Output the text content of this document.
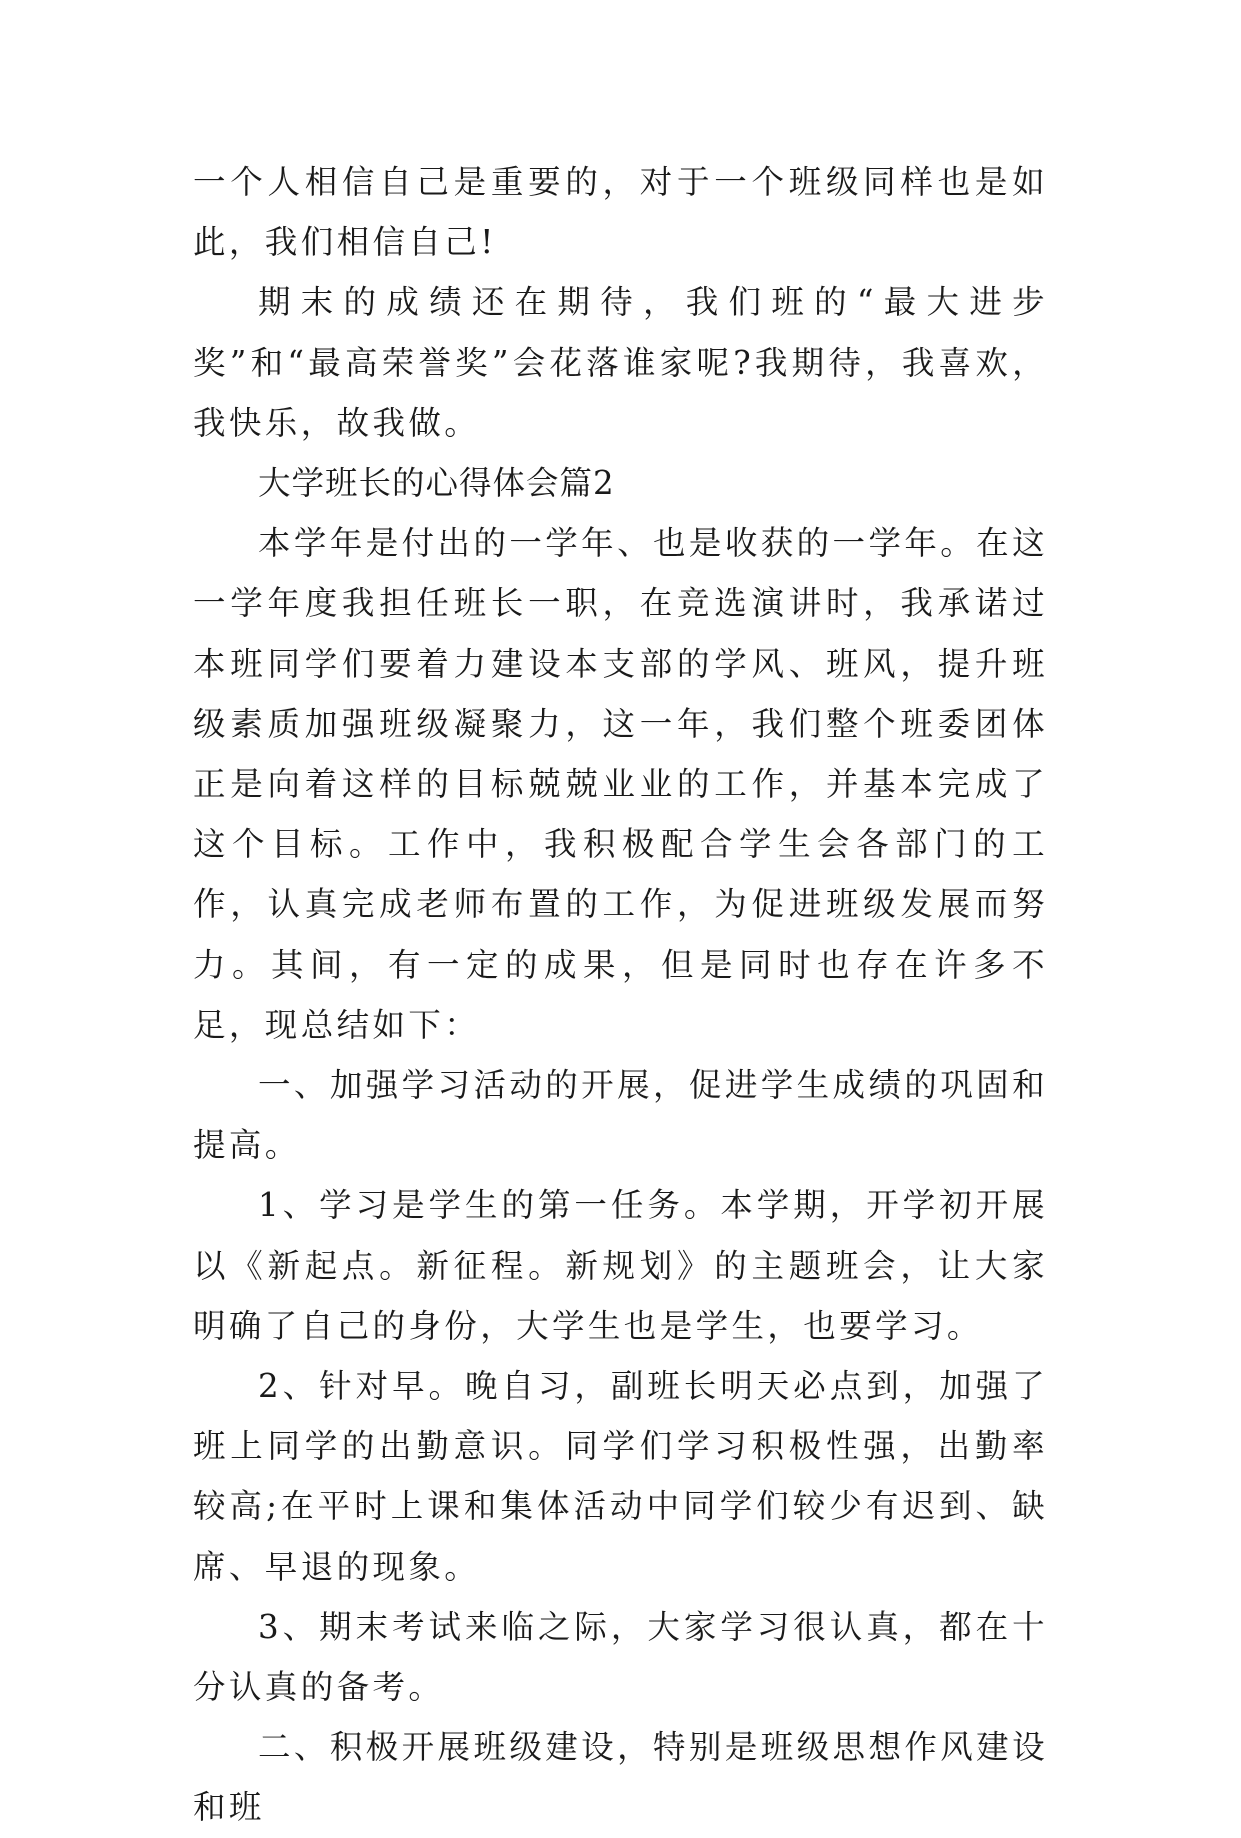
一个人相信自己是重要的，对于一个班级同样也是如此，我们相信自己!

期末的成绩还在期待，我们班的“最大进步奖”和“最高荣誉奖”会花落谁家呢?我期待，我喜欢，我快乐，故我做。

大学班长的心得体会篇2

本学年是付出的一学年、也是收获的一学年。在这一学年度我担任班长一职，在竞选演讲时，我承诺过本班同学们要着力建设本支部的学风、班风，提升班级素质加强班级凝聚力，这一年，我们整个班委团体正是向着这样的目标兢兢业业的工作，并基本完成了这个目标。工作中，我积极配合学生会各部门的工作，认真完成老师布置的工作，为促进班级发展而努力。其间，有一定的成果，但是同时也存在许多不足，现总结如下：

一、加强学习活动的开展，促进学生成绩的巩固和提高。

1、学习是学生的第一任务。本学期，开学初开展以《新起点。新征程。新规划》的主题班会，让大家明确了自己的身份，大学生也是学生，也要学习。

2、针对早。晚自习，副班长明天必点到，加强了班上同学的出勤意识。同学们学习积极性强，出勤率较高;在平时上课和集体活动中同学们较少有迟到、缺席、早退的现象。

3、期末考试来临之际，大家学习很认真，都在十分认真的备考。

二、积极开展班级建设，特别是班级思想作风建设和班
